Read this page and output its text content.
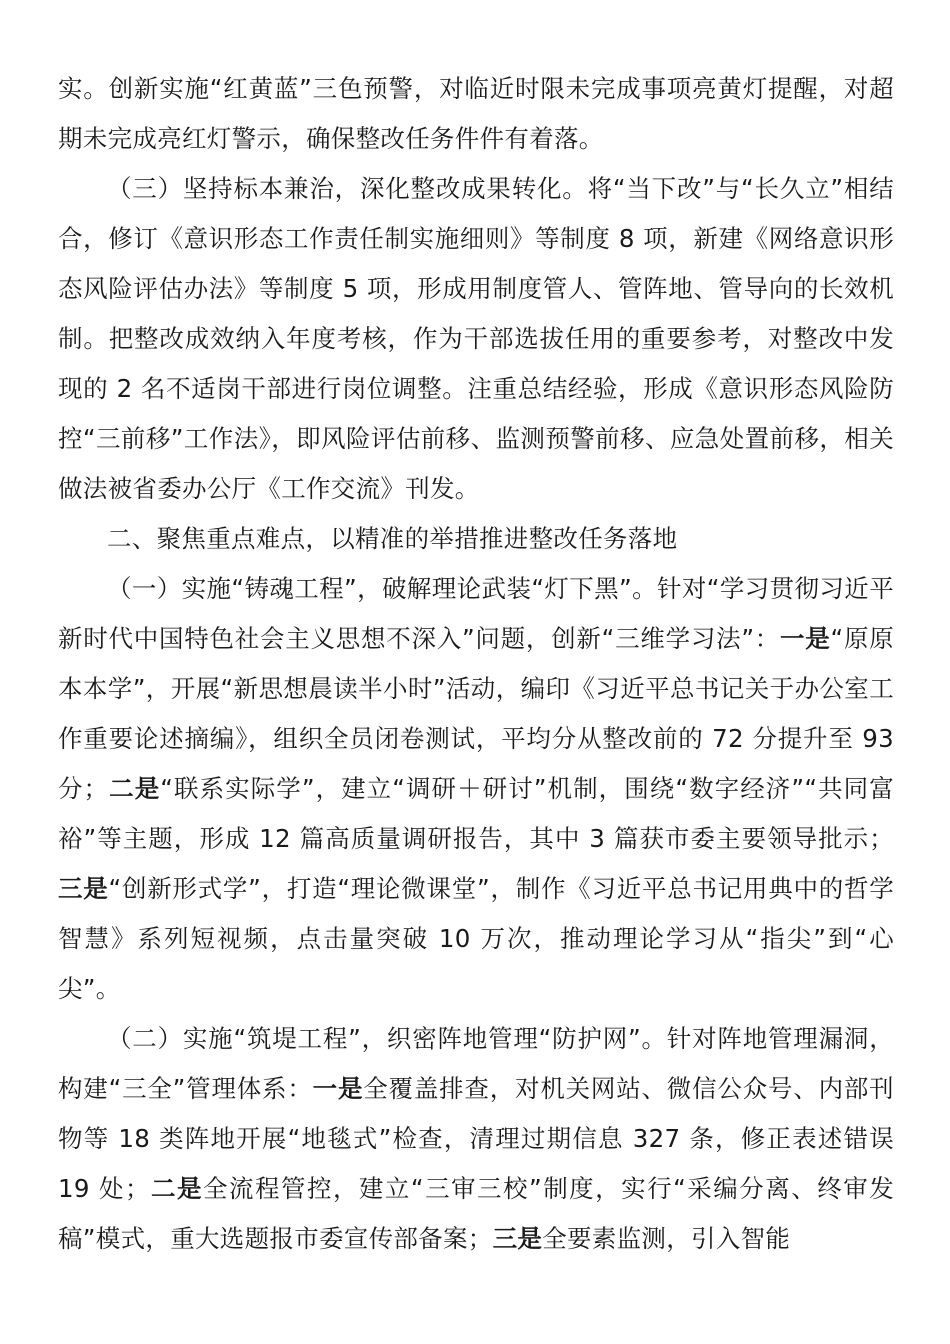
实。创新实施“红黄蓝”三色预警，对临近时限未完成事项亮黄灯提醒，对超期未完成亮红灯警示，确保整改任务件件有着落。

（三）坚持标本兼治，深化整改成果转化。将“当下改”与“长久立”相结合，修订《意识形态工作责任制实施细则》等制度 8 项，新建《网络意识形态风险评估办法》等制度 5 项，形成用制度管人、管阵地、管导向的长效机制。把整改成效纳入年度考核，作为干部选拔任用的重要参考，对整改中发现的 2 名不适岗干部进行岗位调整。注重总结经验，形成《意识形态风险防控“三前移”工作法》，即风险评估前移、监测预警前移、应急处置前移，相关做法被省委办公厅《工作交流》刊发。

二、聚焦重点难点，以精准的举措推进整改任务落地

（一）实施“铸魂工程”，破解理论武装“灯下黑”。针对“学习贯彻习近平新时代中国特色社会主义思想不深入”问题，创新“三维学习法”：一是“原原本本学”，开展“新思想晨读半小时”活动，编印《习近平总书记关于办公室工作重要论述摘编》，组织全员闭卷测试，平均分从整改前的 72 分提升至 93 分；二是“联系实际学”，建立“调研＋研讨”机制，围绕“数字经济”“共同富裕”等主题，形成 12 篇高质量调研报告，其中 3 篇获市委主要领导批示；三是“创新形式学”，打造“理论微课堂”，制作《习近平总书记用典中的哲学智慧》系列短视频，点击量突破 10 万次，推动理论学习从“指尖”到“心尖”。

（二）实施“筑堤工程”，织密阵地管理“防护网”。针对阵地管理漏洞，构建“三全”管理体系：一是全覆盖排查，对机关网站、微信公众号、内部刊物等 18 类阵地开展“地毯式”检查，清理过期信息 327 条，修正表述错误 19 处；二是全流程管控，建立“三审三校”制度，实行“采编分离、终审发稿”模式，重大选题报市委宣传部备案；三是全要素监测，引入智能
